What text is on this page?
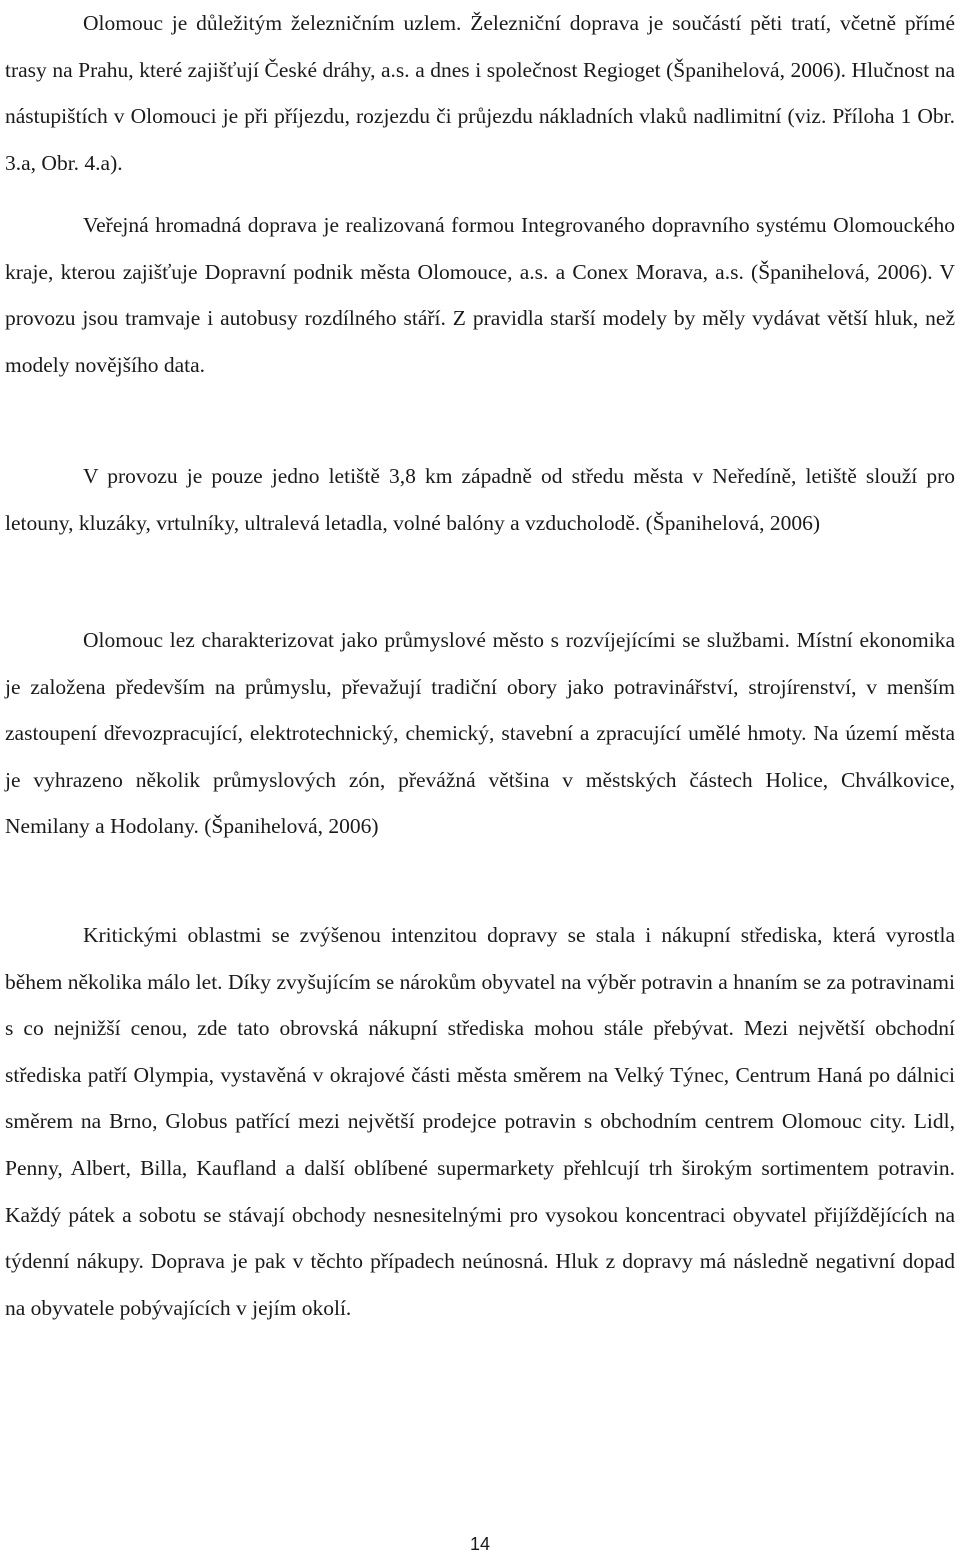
Olomouc je důležitým železničním uzlem. Železniční doprava je součástí pěti tratí, včetně přímé trasy na Prahu, které zajišťují České dráhy, a.s. a dnes i společnost Regioget (Španihelová, 2006). Hlučnost na nástupištích v Olomouci je při příjezdu, rozjezdu či průjezdu nákladních vlaků nadlimitní (viz. Příloha 1 Obr. 3.a, Obr. 4.a).

Veřejná hromadná doprava je realizovaná formou Integrovaného dopravního systému Olomouckého kraje, kterou zajišťuje Dopravní podnik města Olomouce, a.s. a Conex Morava, a.s. (Španihelová, 2006). V provozu jsou tramvaje i autobusy rozdílného stáří. Z pravidla starší modely by měly vydávat větší hluk, než modely novějšího data.

V provozu je pouze jedno letiště 3,8 km západně od středu města v Neředíně, letiště slouží pro letouny, kluzáky, vrtulníky, ultralevá letadla, volné balóny a vzducholodě. (Španihelová, 2006)

Olomouc lez charakterizovat jako průmyslové město s rozvíjejícími se službami. Místní ekonomika je založena především na průmyslu, převažují tradiční obory jako potravinářství, strojírenství, v menším zastoupení dřevozpracující, elektrotechnický, chemický, stavební a zpracující umělé hmoty. Na území města je vyhrazeno několik průmyslových zón, převážná většina v městských částech Holice, Chválkovice, Nemilany a Hodolany. (Španihelová, 2006)

Kritickými oblastmi se zvýšenou intenzitou dopravy se stala i nákupní střediska, která vyrostla během několika málo let. Díky zvyšujícím se nárokům obyvatel na výběr potravin a hnaním se za potravinami s co nejnižší cenou, zde tato obrovská nákupní střediska mohou stále přebývat. Mezi největší obchodní střediska patří Olympia, vystavěná v okrajové části města směrem na Velký Týnec, Centrum Haná po dálnici směrem na Brno, Globus patřící mezi největší prodejce potravin s obchodním centrem Olomouc city. Lidl, Penny, Albert, Billa, Kaufland a další oblíbené supermarkety přehlcují trh širokým sortimentem potravin. Každý pátek a sobotu se stávají obchody nesnesitelnými pro vysokou koncentraci obyvatel přijíždějících na týdenní nákupy. Doprava je pak v těchto případech neúnosná. Hluk z dopravy má následně negativní dopad na obyvatele pobývajících v jejím okolí.

14
